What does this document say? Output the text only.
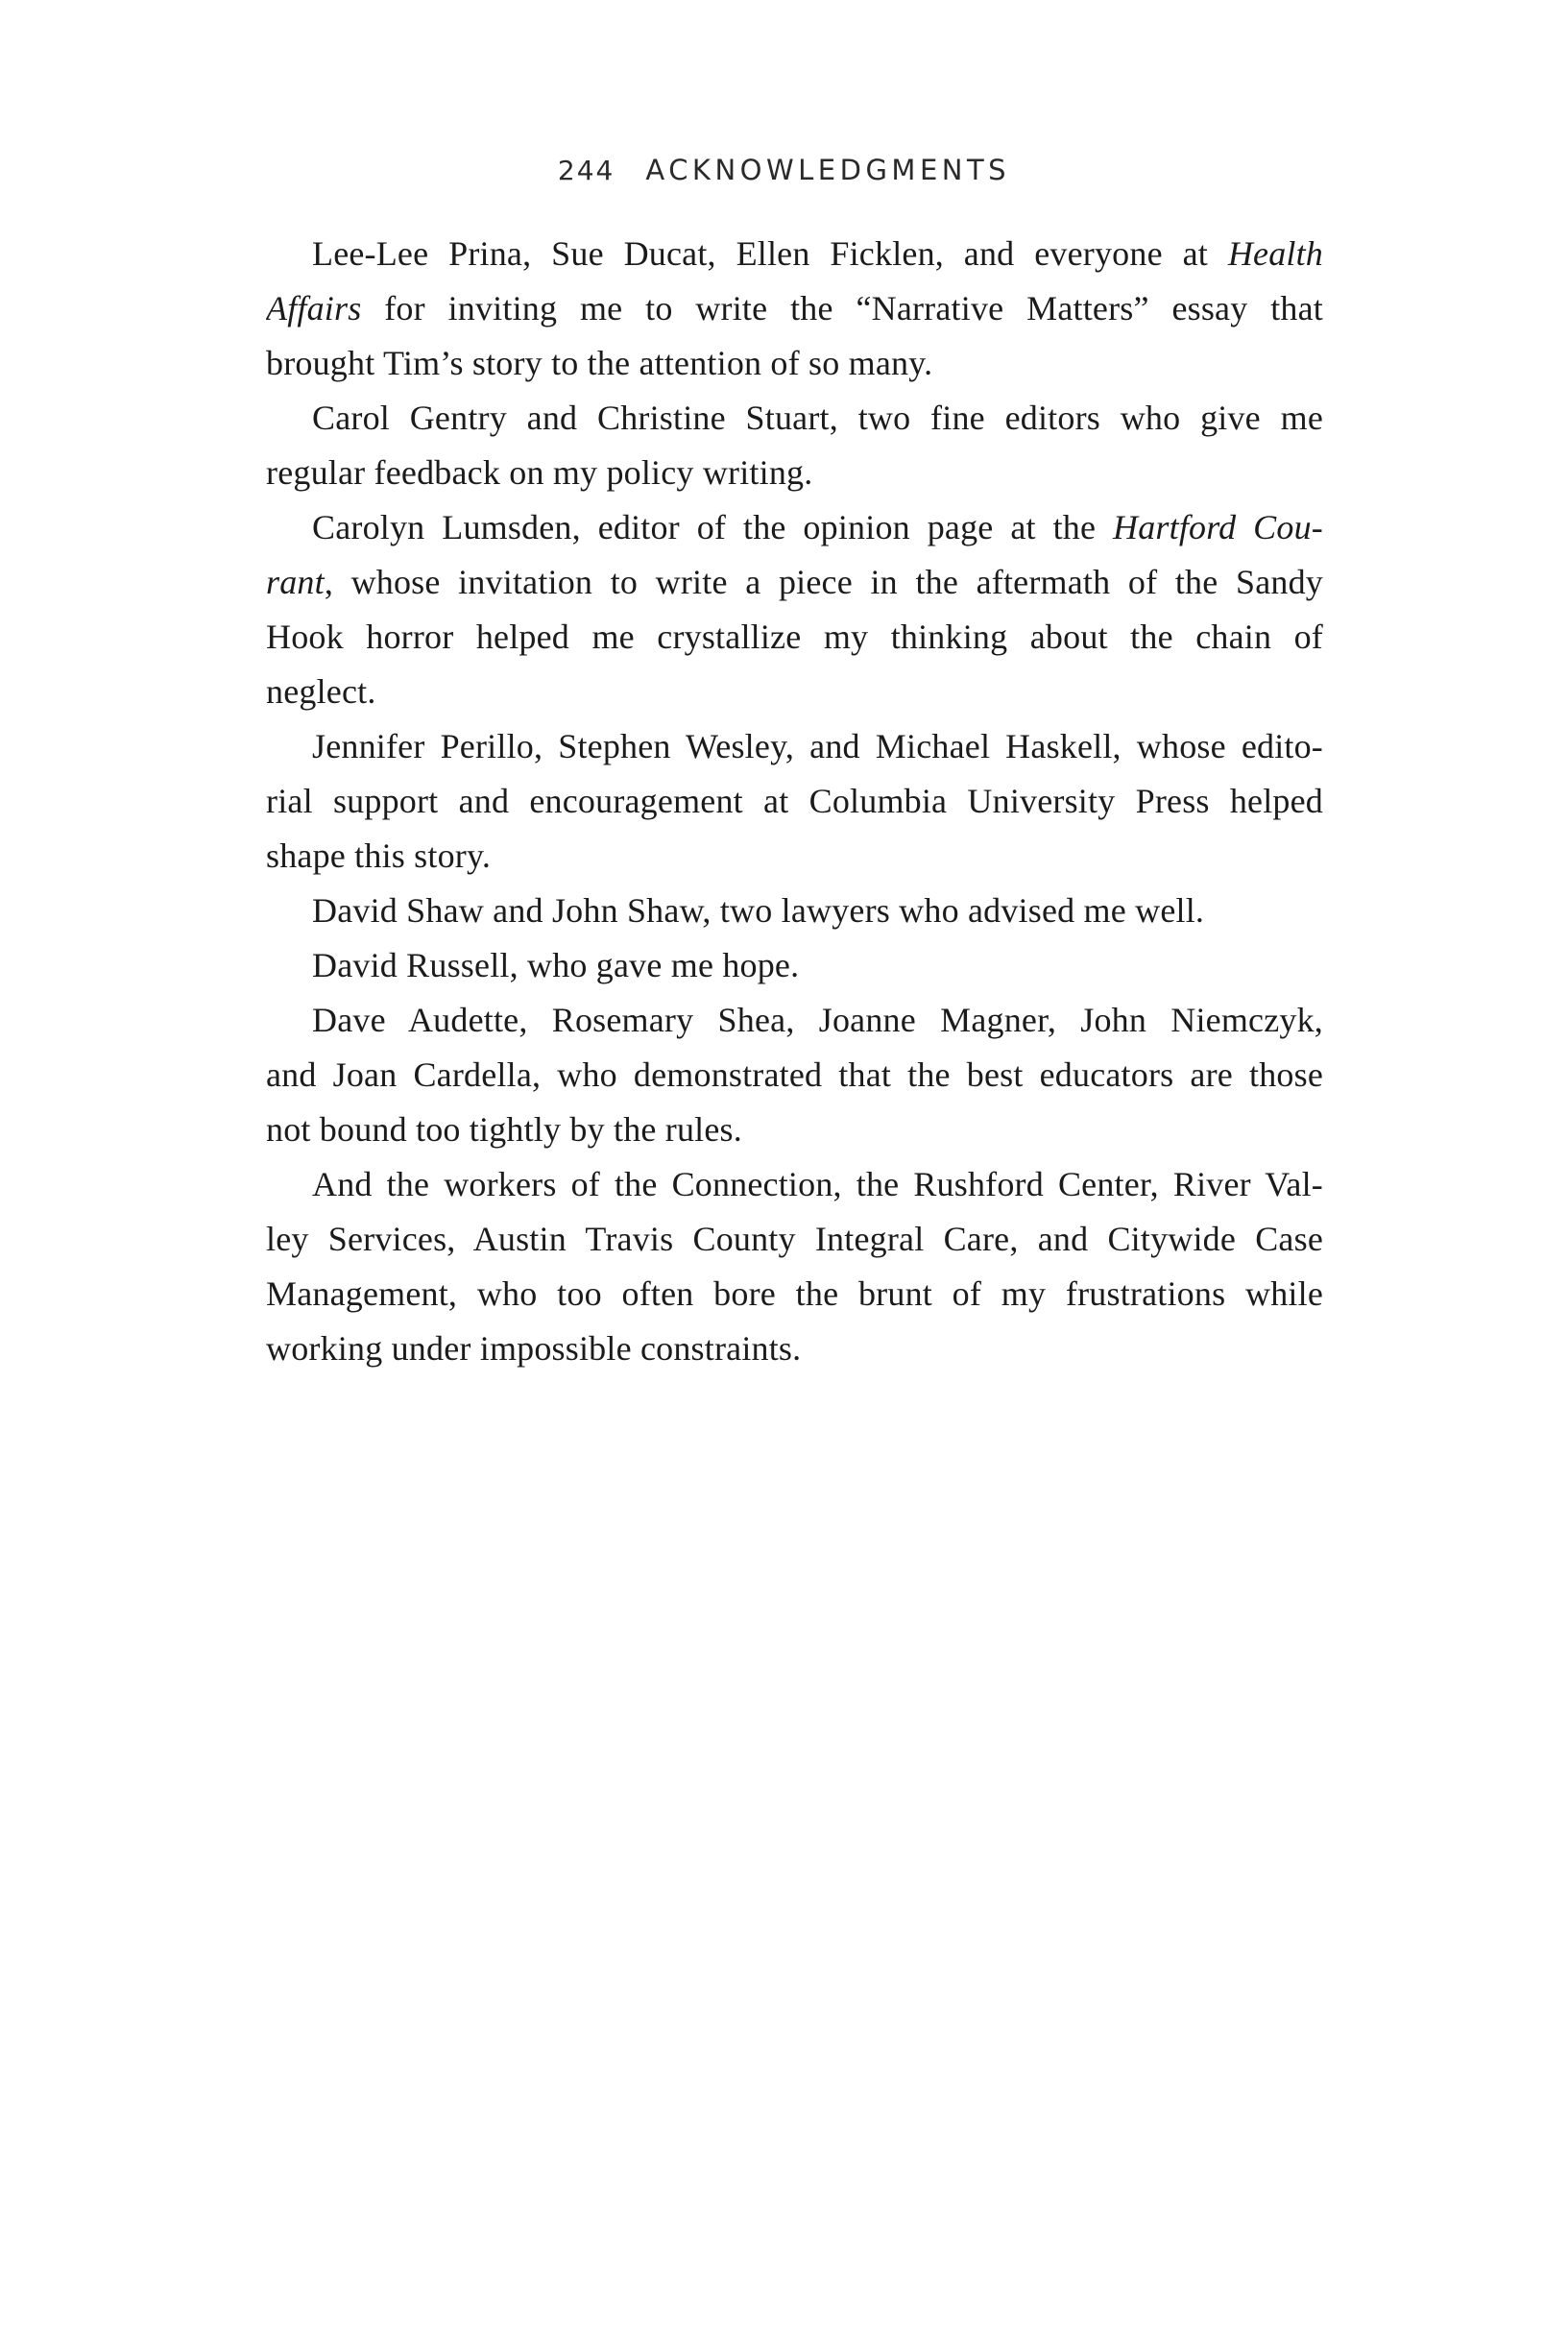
244 ACKNOWLEDGMENTS
Lee-Lee Prina, Sue Ducat, Ellen Ficklen, and everyone at Health
Affairs for inviting me to write the “Narrative Matters” essay that
brought Tim’s story to the attention of so many.
Carol Gentry and Christine Stuart, two fine editors who give me
regular feedback on my policy writing.
Carolyn Lumsden, editor of the opinion page at the Hartford Cou-
rant, whose invitation to write a piece in the aftermath of the Sandy
Hook horror helped me crystallize my thinking about the chain of
neglect.
Jennifer Perillo, Stephen Wesley, and Michael Haskell, whose edito-
rial support and encouragement at Columbia University Press helped
shape this story.
David Shaw and John Shaw, two lawyers who advised me well.
David Russell, who gave me hope.
Dave Audette, Rosemary Shea, Joanne Magner, John Niemczyk,
and Joan Cardella, who demonstrated that the best educators are those
not bound too tightly by the rules.
And the workers of the Connection, the Rushford Center, River Val-
ley Services, Austin Travis County Integral Care, and Citywide Case
Management, who too often bore the brunt of my frustrations while
working under impossible constraints.
